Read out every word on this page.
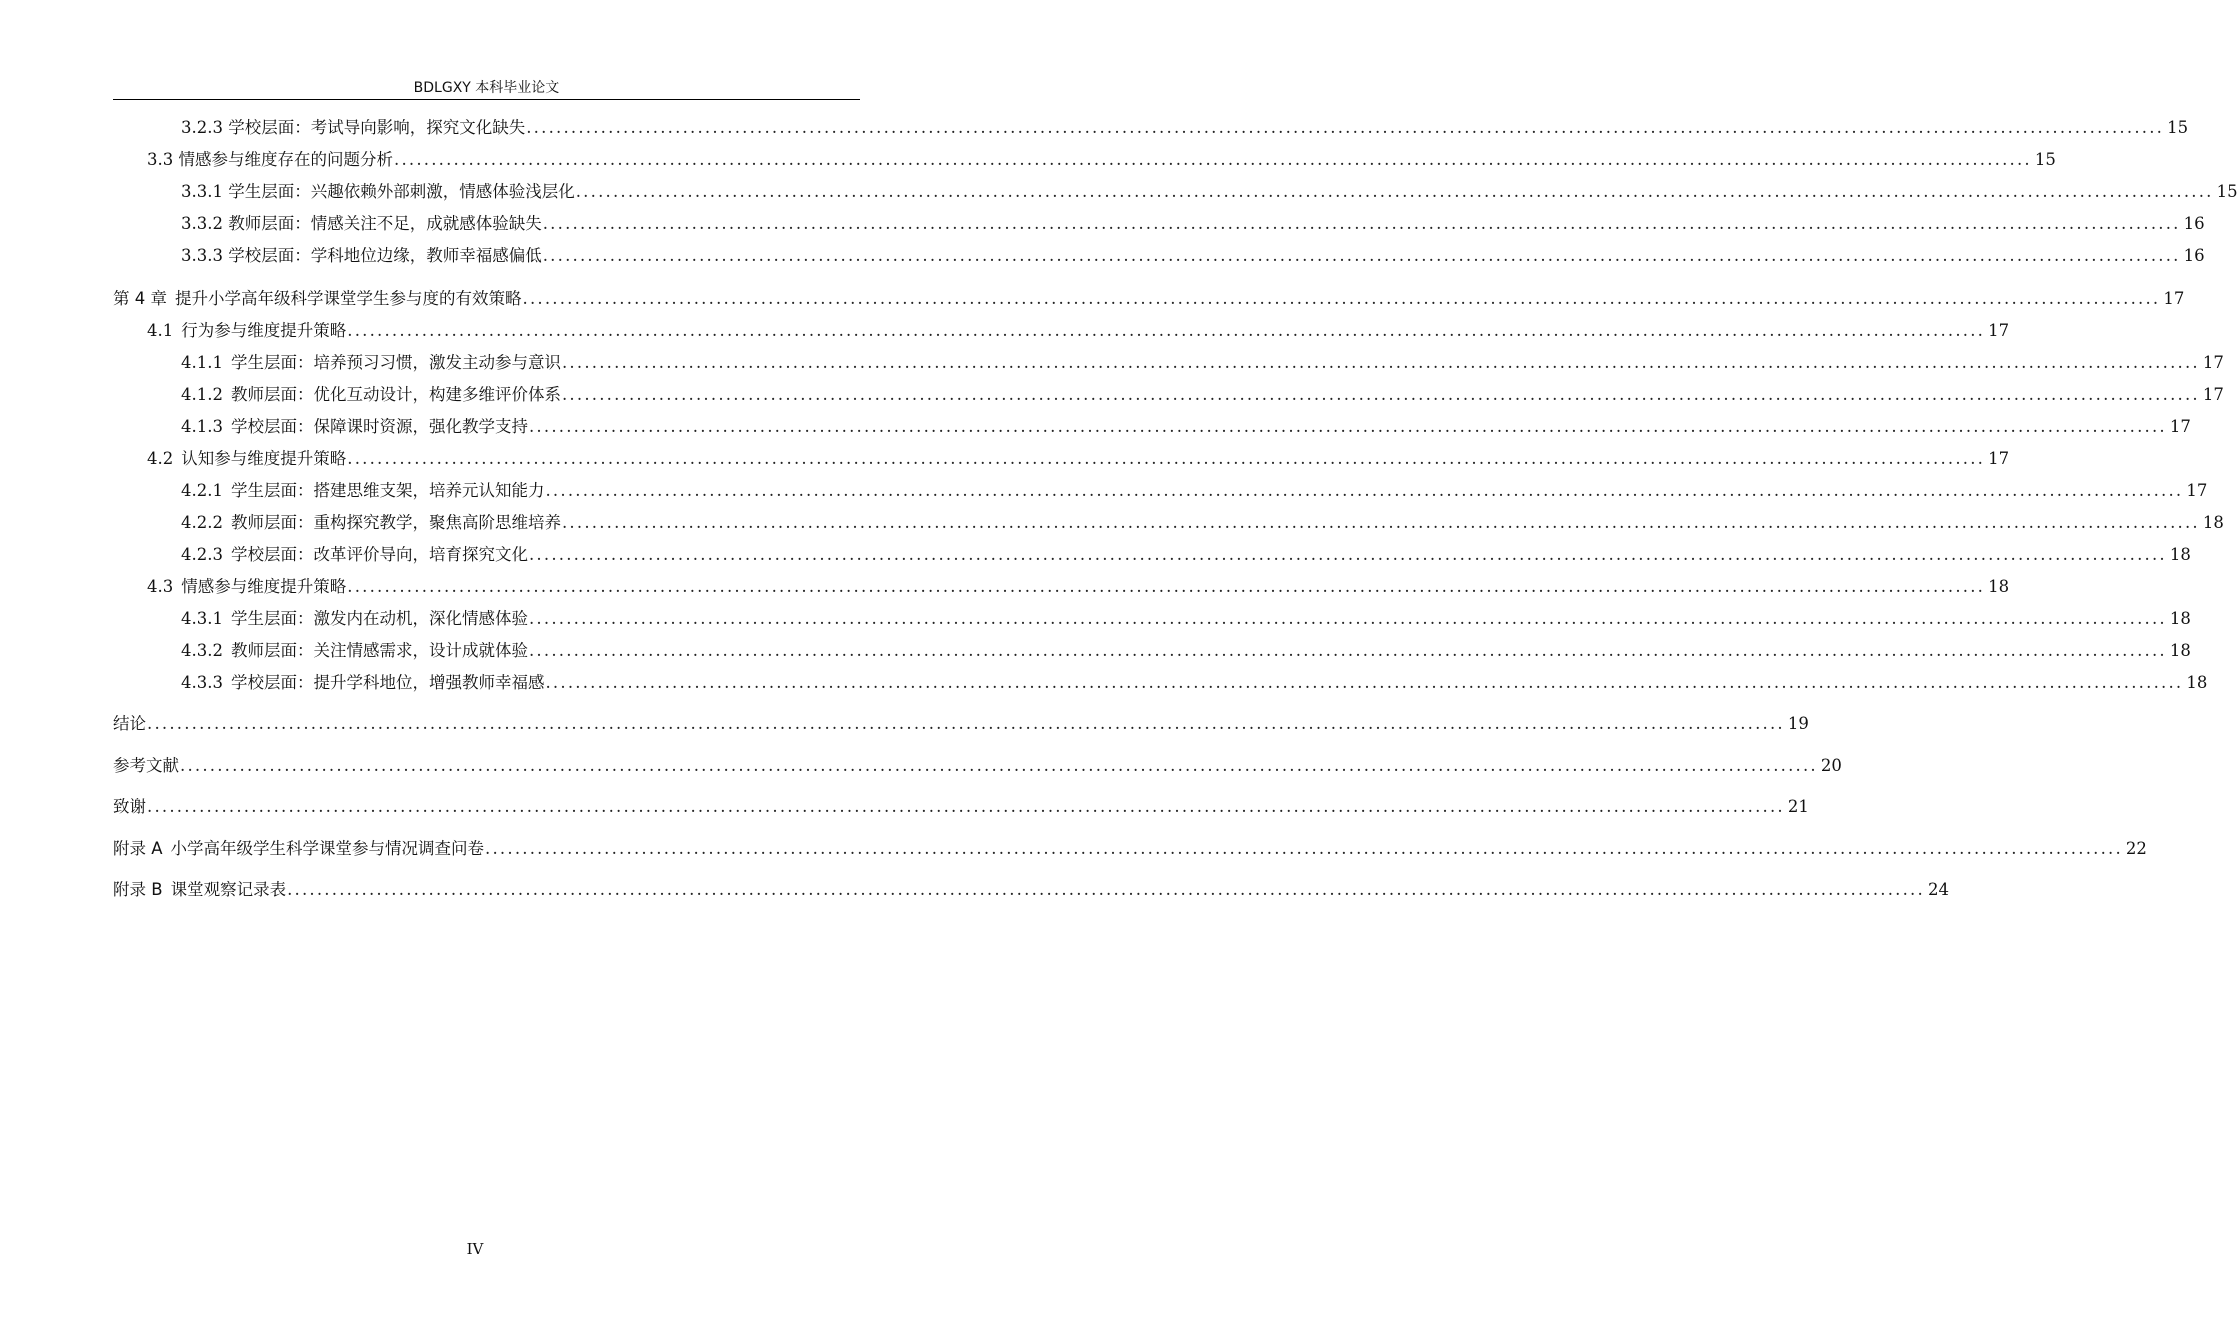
BDLGXY 本科毕业论文
3.2.3 学校层面：考试导向影响，探究文化缺失 ............................................................................................................................................................................................................................ 15
3.3 情感参与维度存在的问题分析 ............................................................................................................................................................................................................................ 15
3.3.1 学生层面：兴趣依赖外部刺激，情感体验浅层化 ............................................................................................................................................................................................................................ 15
3.3.2 教师层面：情感关注不足，成就感体验缺失 ............................................................................................................................................................................................................................ 16
3.3.3 学校层面：学科地位边缘，教师幸福感偏低 ............................................................................................................................................................................................................................ 16
第 4 章 提升小学高年级科学课堂学生参与度的有效策略 ............................................................................................................................................................................................................................ 17
4.1 行为参与维度提升策略 ............................................................................................................................................................................................................................ 17
4.1.1 学生层面：培养预习习惯，激发主动参与意识 ............................................................................................................................................................................................................................ 17
4.1.2 教师层面：优化互动设计，构建多维评价体系 ............................................................................................................................................................................................................................ 17
4.1.3 学校层面：保障课时资源，强化教学支持 ............................................................................................................................................................................................................................ 17
4.2 认知参与维度提升策略 ............................................................................................................................................................................................................................ 17
4.2.1 学生层面：搭建思维支架，培养元认知能力 ............................................................................................................................................................................................................................ 17
4.2.2 教师层面：重构探究教学，聚焦高阶思维培养 ............................................................................................................................................................................................................................ 18
4.2.3 学校层面：改革评价导向，培育探究文化 ............................................................................................................................................................................................................................ 18
4.3 情感参与维度提升策略 ............................................................................................................................................................................................................................ 18
4.3.1 学生层面：激发内在动机，深化情感体验 ............................................................................................................................................................................................................................ 18
4.3.2 教师层面：关注情感需求，设计成就体验 ............................................................................................................................................................................................................................ 18
4.3.3 学校层面：提升学科地位，增强教师幸福感 ............................................................................................................................................................................................................................ 18
结论 ............................................................................................................................................................................................................................ 19
参考文献 ............................................................................................................................................................................................................................ 20
致谢 ............................................................................................................................................................................................................................ 21
附录 A 小学高年级学生科学课堂参与情况调查问卷 ............................................................................................................................................................................................................................ 22
附录 B 课堂观察记录表 ............................................................................................................................................................................................................................ 24
IV
